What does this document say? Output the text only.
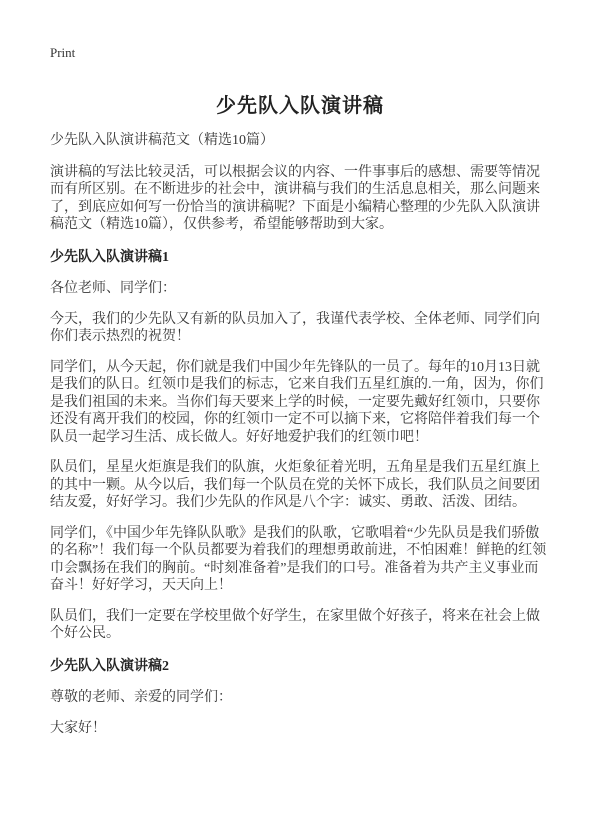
Print
少先队入队演讲稿

少先队入队演讲稿范文（精选10篇）

演讲稿的写法比较灵活，可以根据会议的内容、一件事事后的感想、需要等情况而有所区别。在不断进步的社会中，演讲稿与我们的生活息息相关，那么问题来了，到底应如何写一份恰当的演讲稿呢？下面是小编精心整理的少先队入队演讲稿范文（精选10篇），仅供参考，希望能够帮助到大家。

少先队入队演讲稿1

各位老师、同学们：

今天，我们的少先队又有新的队员加入了，我谨代表学校、全体老师、同学们向你们表示热烈的祝贺！

同学们，从今天起，你们就是我们中国少年先锋队的一员了。每年的10月13日就是我们的队日。红领巾是我们的标志，它来自我们五星红旗的.一角，因为，你们是我们祖国的未来。当你们每天要来上学的时候，一定要先戴好红领巾，只要你还没有离开我们的校园，你的红领巾一定不可以摘下来，它将陪伴着我们每一个队员一起学习生活、成长做人。好好地爱护我们的红领巾吧！

队员们，星星火炬旗是我们的队旗，火炬象征着光明，五角星是我们五星红旗上的其中一颗。从今以后，我们每一个队员在党的关怀下成长，我们队员之间要团结友爱，好好学习。我们少先队的作风是八个字：诚实、勇敢、活泼、团结。

同学们，《中国少年先锋队队歌》是我们的队歌，它歌唱着“少先队员是我们骄傲的名称”！我们每一个队员都要为着我们的理想勇敢前进，不怕困难！鲜艳的红领巾会飘扬在我们的胸前。“时刻准备着”是我们的口号。准备着为共产主义事业而奋斗！好好学习，天天向上！

队员们，我们一定要在学校里做个好学生，在家里做个好孩子，将来在社会上做个好公民。

少先队入队演讲稿2

尊敬的老师、亲爱的同学们：

大家好！
